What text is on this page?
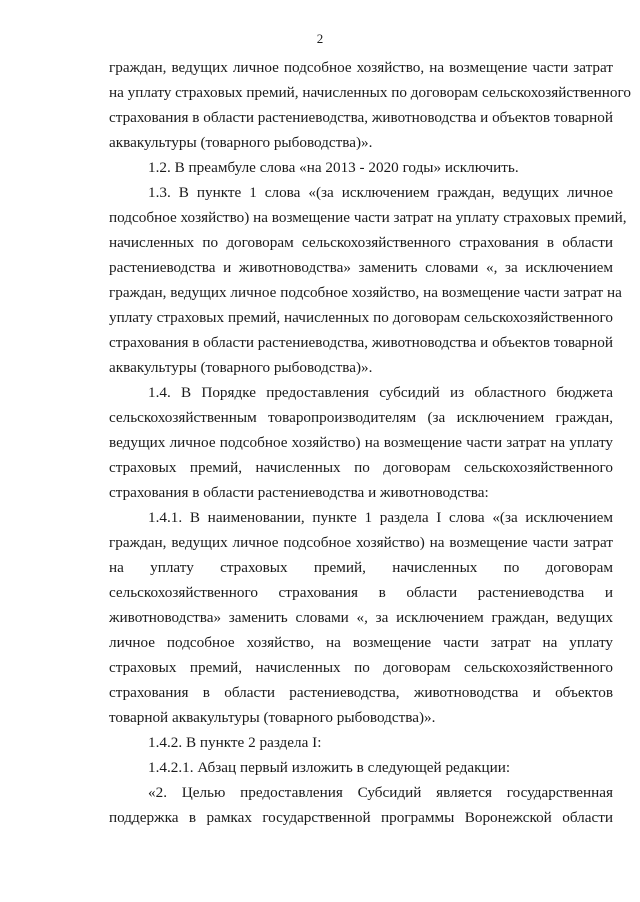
2
граждан, ведущих личное подсобное хозяйство, на возмещение части затрат
на уплату страховых премий, начисленных по договорам сельскохозяйственного
страхования в области растениеводства, животноводства и объектов товарной
аквакультуры (товарного рыбоводства)».
1.2. В преамбуле слова «на 2013 - 2020 годы» исключить.
1.3. В пункте 1 слова «(за исключением граждан, ведущих личное
подсобное хозяйство) на возмещение части затрат на уплату страховых премий,
начисленных по договорам сельскохозяйственного страхования в области
растениеводства и животноводства» заменить словами «, за исключением
граждан, ведущих личное подсобное хозяйство, на возмещение части затрат на
уплату страховых премий, начисленных по договорам сельскохозяйственного
страхования в области растениеводства, животноводства и объектов товарной
аквакультуры (товарного рыбоводства)».
1.4. В Порядке предоставления субсидий из областного бюджета
сельскохозяйственным товаропроизводителям (за исключением граждан,
ведущих личное подсобное хозяйство) на возмещение части затрат на уплату
страховых премий, начисленных по договорам сельскохозяйственного
страхования в области растениеводства и животноводства:
1.4.1. В наименовании, пункте 1 раздела I слова «(за исключением
граждан, ведущих личное подсобное хозяйство) на возмещение части затрат
на уплату страховых премий, начисленных по договорам
сельскохозяйственного страхования в области растениеводства и
животноводства» заменить словами «, за исключением граждан, ведущих
личное подсобное хозяйство, на возмещение части затрат на уплату
страховых премий, начисленных по договорам сельскохозяйственного
страхования в области растениеводства, животноводства и объектов
товарной аквакультуры (товарного рыбоводства)».
1.4.2. В пункте 2 раздела I:
1.4.2.1. Абзац первый изложить в следующей редакции:
«2. Целью предоставления Субсидий является государственная
поддержка в рамках государственной программы Воронежской области
